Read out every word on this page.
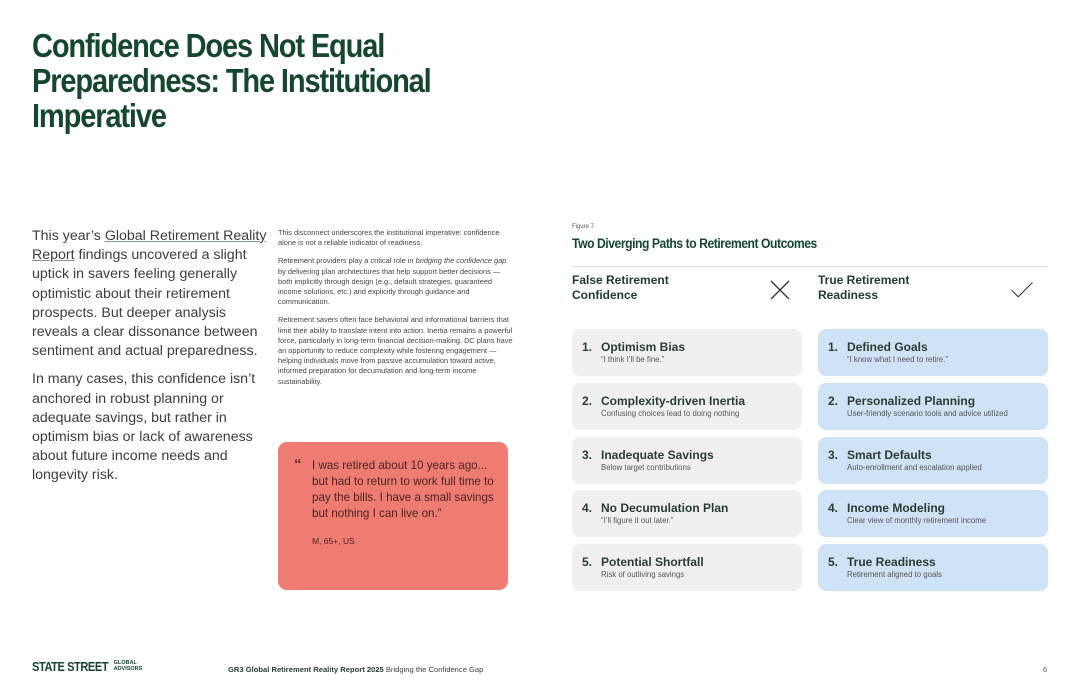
Confidence Does Not Equal Preparedness: The Institutional Imperative

This year’s Global Retirement Reality Report findings uncovered a slight uptick in savers feeling generally optimistic about their retirement prospects. But deeper analysis reveals a clear dissonance between sentiment and actual preparedness.

In many cases, this confidence isn’t anchored in robust planning or adequate savings, but rather in optimism bias or lack of awareness about future income needs and longevity risk.

This disconnect underscores the institutional imperative: confidence alone is not a reliable indicator of readiness.

Retirement providers play a critical role in bridging the confidence gap by delivering plan architectures that help support better decisions — both implicitly through design (e.g., default strategies, guaranteed income solutions, etc.) and explicitly through guidance and communication.

Retirement savers often face behavioral and informational barriers that limit their ability to translate intent into action. Inertia remains a powerful force, particularly in long-term financial decision-making. DC plans have an opportunity to reduce complexity while fostering engagement — helping individuals move from passive accumulation toward active, informed preparation for decumulation and long-term income sustainability.

“ I was retired about 10 years ago... but had to return to work full time to pay the bills. I have a small savings but nothing I can live on.”
M, 65+, US
Figure 7
Two Diverging Paths to Retirement Outcomes
False Retirement Confidence
True Retirement Readiness
1. Optimism Bias
“I think I’ll be fine.”
2. Complexity-driven Inertia
Confusing choices lead to doing nothing
3. Inadequate Savings
Below target contributions
4. No Decumulation Plan
“I’ll figure it out later.”
5. Potential Shortfall
Risk of outliving savings
1. Defined Goals
“I know what I need to retire.”
2. Personalized Planning
User-friendly scenario tools and advice utilized
3. Smart Defaults
Auto-enrollment and escalation applied
4. Income Modeling
Clear view of monthly retirement income
5. True Readiness
Retirement aligned to goals
STATE STREET GLOBAL ADVISORS	GR3 Global Retirement Reality Report 2025 Bridging the Confidence Gap	6
